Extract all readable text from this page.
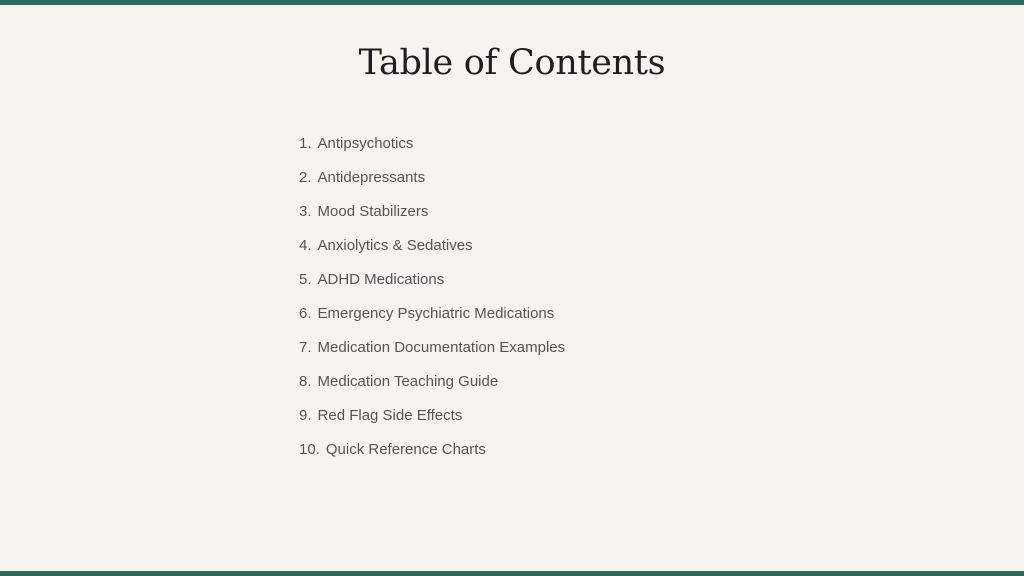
Table of Contents
1. Antipsychotics
2. Antidepressants
3. Mood Stabilizers
4. Anxiolytics & Sedatives
5. ADHD Medications
6. Emergency Psychiatric Medications
7. Medication Documentation Examples
8. Medication Teaching Guide
9. Red Flag Side Effects
10. Quick Reference Charts
